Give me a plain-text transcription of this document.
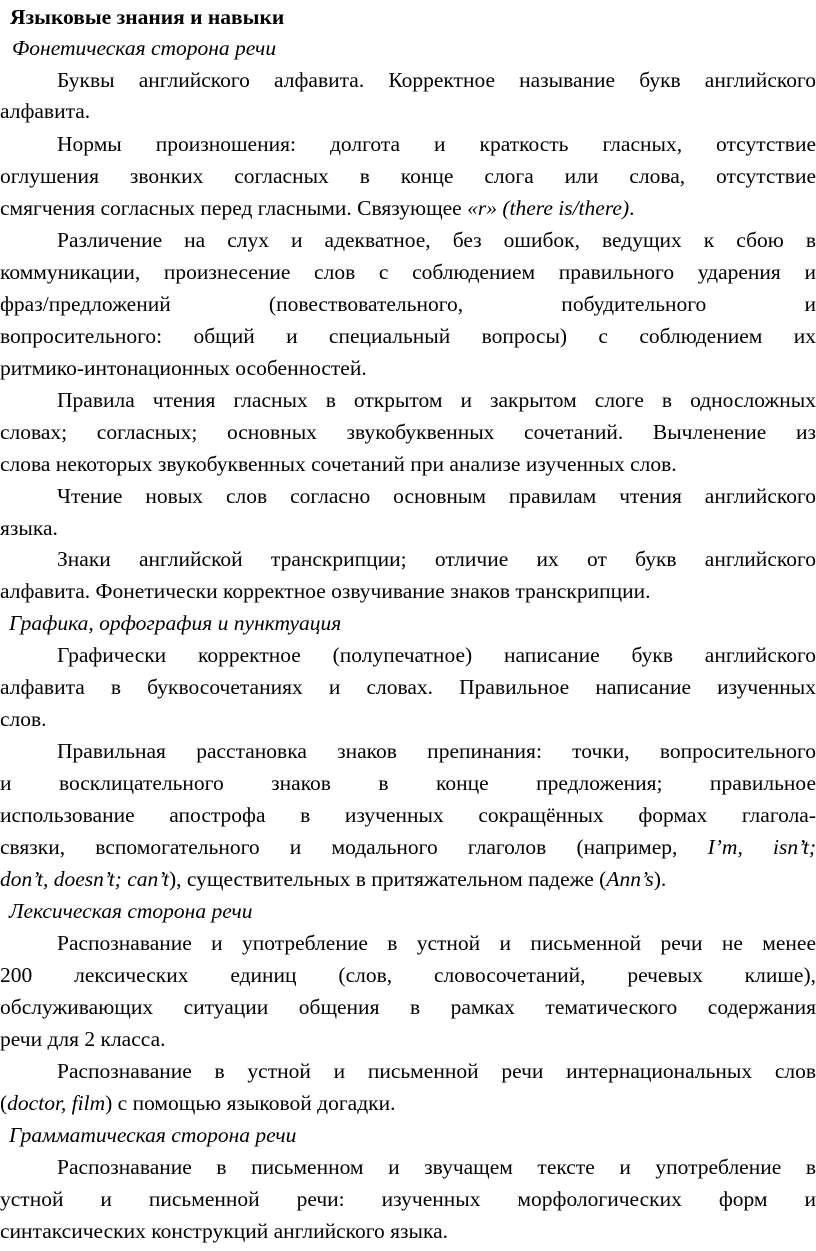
Языковые знания и навыки
Фонетическая сторона речи
Буквы английского алфавита. Корректное называние букв английского
алфавита.
Нормы произношения: долгота и краткость гласных, отсутствие
оглушения звонких согласных в конце слога или слова, отсутствие
смягчения согласных перед гласными. Связующее «r» (there is/there).
Различение на слух и адекватное, без ошибок, ведущих к сбою в
коммуникации, произнесение слов с соблюдением правильного ударения и
фраз/предложений (повествовательного, побудительного и
вопросительного: общий и специальный вопросы) с соблюдением их
ритмико-интонационных особенностей.
Правила чтения гласных в открытом и закрытом слоге в односложных
словах; согласных; основных звукобуквенных сочетаний. Вычленение из
слова некоторых звукобуквенных сочетаний при анализе изученных слов.
Чтение новых слов согласно основным правилам чтения английского
языка.
Знаки английской транскрипции; отличие их от букв английского
алфавита. Фонетически корректное озвучивание знаков транскрипции.
Графика, орфография и пунктуация
Графически корректное (полупечатное) написание букв английского
алфавита в буквосочетаниях и словах. Правильное написание изученных
слов.
Правильная расстановка знаков препинания: точки, вопросительного
и восклицательного знаков в конце предложения; правильное
использование апострофа в изученных сокращённых формах глагола-
связки, вспомогательного и модального глаголов (например, I’m, isn’t;
don’t, doesn’t; can’t), существительных в притяжательном падеже (Ann’s).
Лексическая сторона речи
Распознавание и употребление в устной и письменной речи не менее
200 лексических единиц (слов, словосочетаний, речевых клише),
обслуживающих ситуации общения в рамках тематического содержания
речи для 2 класса.
Распознавание в устной и письменной речи интернациональных слов
(doctor, film) с помощью языковой догадки.
Грамматическая сторона речи
Распознавание в письменном и звучащем тексте и употребление в
устной и письменной речи: изученных морфологических форм и
синтаксических конструкций английского языка.
